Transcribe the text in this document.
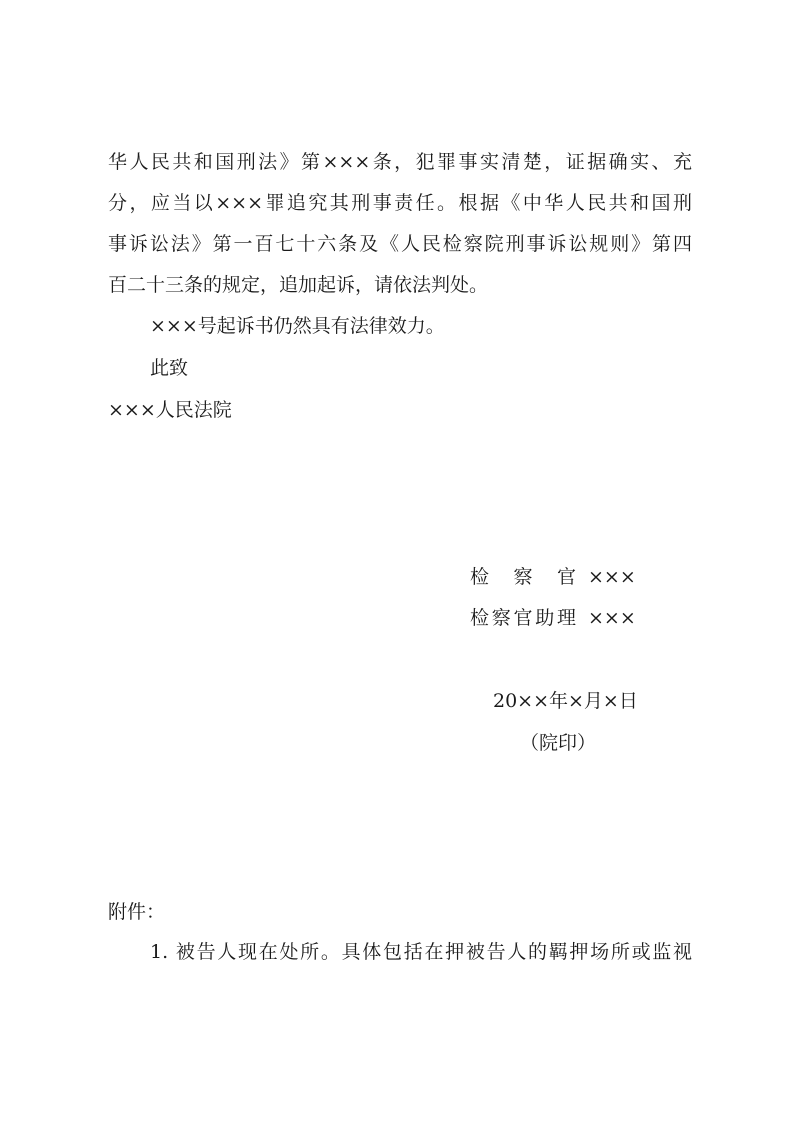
华人民共和国刑法》第×××条，犯罪事实清楚，证据确实、充
分，应当以×××罪追究其刑事责任。根据《中华人民共和国刑
事诉讼法》第一百七十六条及《人民检察院刑事诉讼规则》第四
百二十三条的规定，追加起诉，请依法判处。
×××号起诉书仍然具有法律效力。
此致
×××人民法院
检察官 ×××
检察官助理 ×××
20××年×月×日
（院印）
附件：
1. 被告人现在处所。具体包括在押被告人的羁押场所或监视
